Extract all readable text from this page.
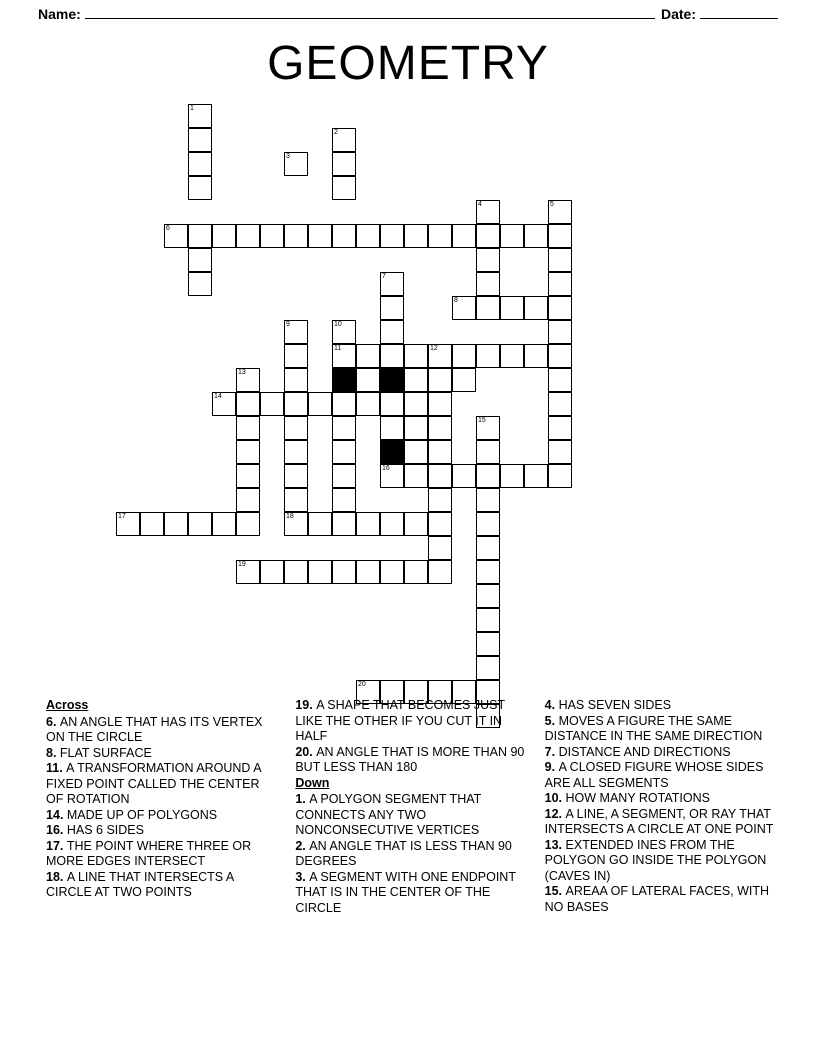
Name:	Date:
GEOMETRY
1
3
2
4	5
6
7
8
9	10
11	12
13
14
15
16
17	18
19
20
Across
6. AN ANGLE THAT HAS ITS VERTEX ON THE CIRCLE
8. FLAT SURFACE
11. A TRANSFORMATION AROUND A FIXED POINT CALLED THE CENTER OF ROTATION
14. MADE UP OF POLYGONS
16. HAS 6 SIDES
17. THE POINT WHERE THREE OR MORE EDGES INTERSECT
18. A LINE THAT INTERSECTS A CIRCLE AT TWO POINTS
19. A SHAPE THAT BECOMES JUST LIKE THE OTHER IF YOU CUT IT IN HALF
20. AN ANGLE THAT IS MORE THAN 90 BUT LESS THAN 180
Down
1. A POLYGON SEGMENT THAT CONNECTS ANY TWO NONCONSECUTIVE VERTICES
2. AN ANGLE THAT IS LESS THAN 90 DEGREES
3. A SEGMENT WITH ONE ENDPOINT THAT IS IN THE CENTER OF THE CIRCLE
4. HAS SEVEN SIDES
5. MOVES A FIGURE THE SAME DISTANCE IN THE SAME DIRECTION
7. DISTANCE AND DIRECTIONS
9. A CLOSED FIGURE WHOSE SIDES ARE ALL SEGMENTS
10. HOW MANY ROTATIONS
12. A LINE, A SEGMENT, OR RAY THAT INTERSECTS A CIRCLE AT ONE POINT
13. EXTENDED INES FROM THE POLYGON GO INSIDE THE POLYGON (CAVES IN)
15. AREAA OF LATERAL FACES, WITH NO BASES
